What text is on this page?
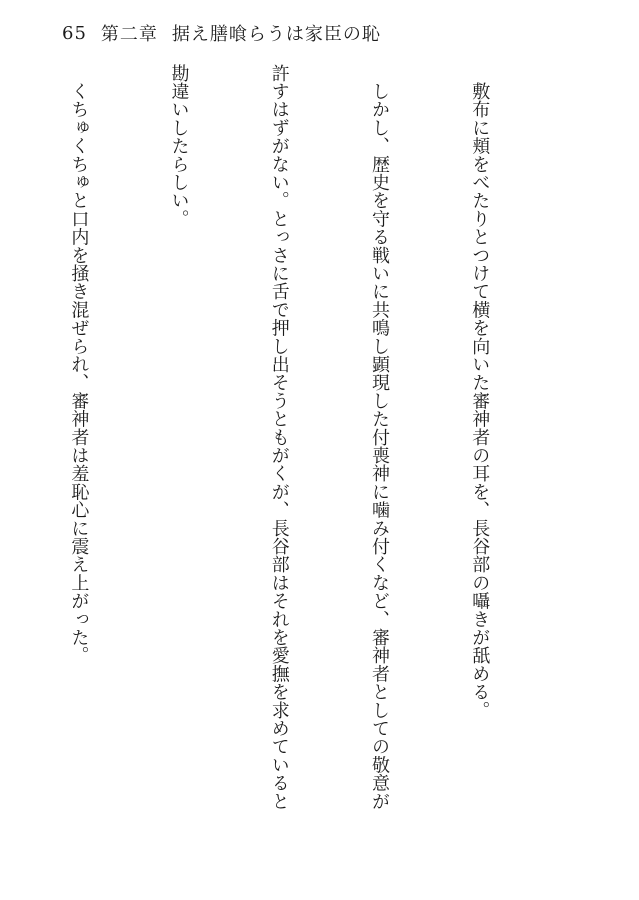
65 第二章 据え膳喰らうは家臣の恥

　敷布に頬をべたりとつけて横を向いた審神者の耳を、長谷部の囁きが舐める。

　しかし、歴史を守る戦いに共鳴し顕現した付喪神に噛み付くなど、審神者としての敬意が

許すはずがない。とっさに舌で押し出そうともがくが、長谷部はそれを愛撫を求めていると

勘違いしたらしい。

　くちゅくちゅと口内を掻き混ぜられ、審神者は羞恥心に震え上がった。
